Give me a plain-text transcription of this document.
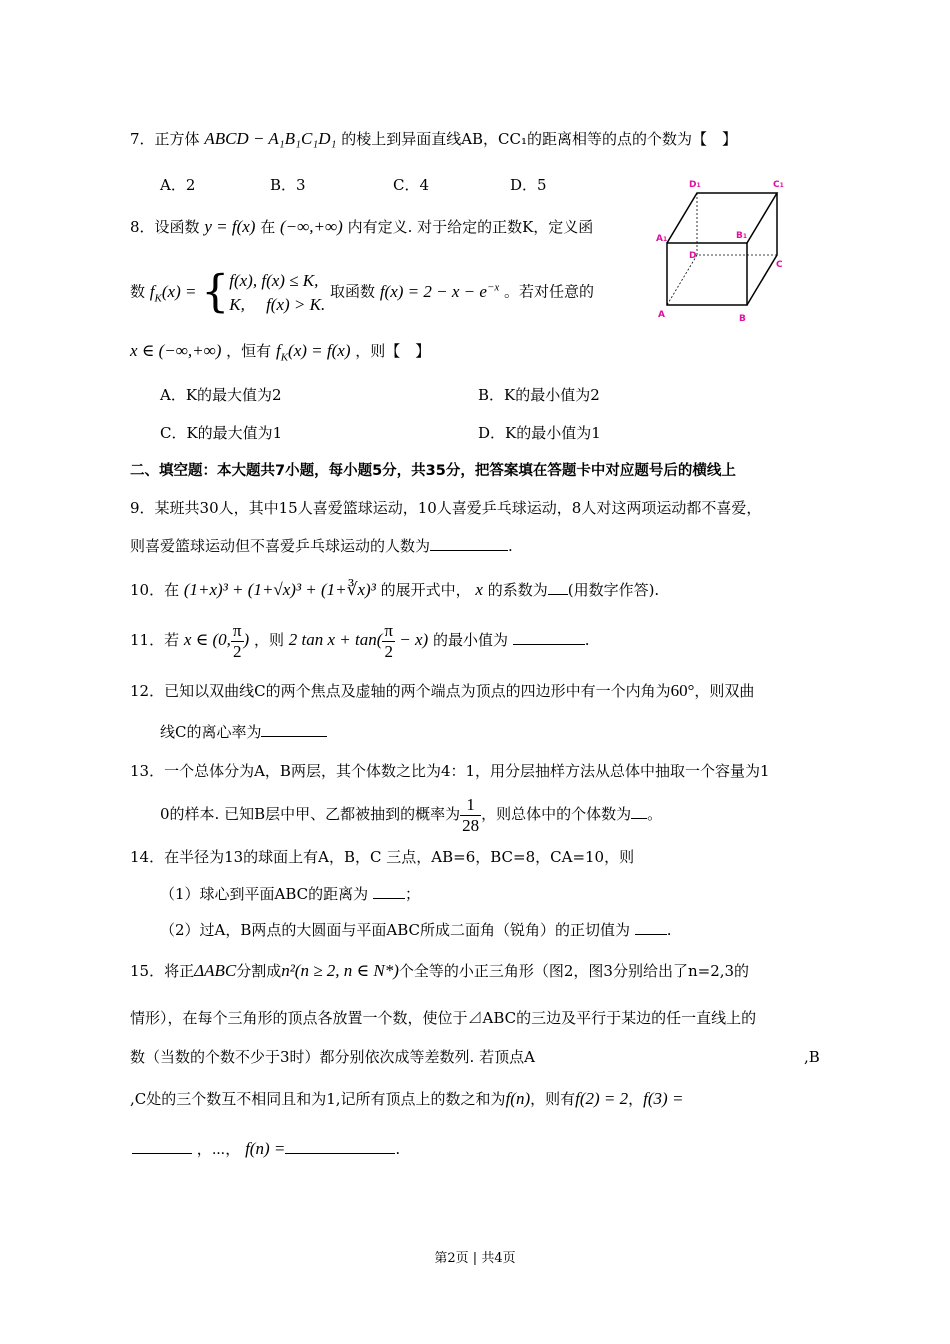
7．正方体 ABCD − A₁B₁C₁D₁ 的棱上到异面直线AB，CC₁的距离相等的点的个数为【　】
A．2	B．3	C．4	D．5	D1	C1
A1	B1
D
C
A	B
8．设函数 y = f(x) 在 (−∞,+∞) 内有定义. 对于给定的正数K，定义函
数 $f_K(x)$ = { f(x), f(x) ≤ K,
K,　 f(x) > K.
取函数 $f(x) = 2 - x - e^{-x}$ 。若对任意的
x ∈ (−∞,+∞) ，恒有 $f_K(x) = f(x)$ ，则【　】
A．K的最大值为2	B．K的最小值为2
C．K的最大值为1	D．K的最小值为1
二、填空题：本大题共7小题，每小题5分，共35分，把答案填在答题卡中对应题号后的横线上
9．某班共30人，其中15人喜爱篮球运动，10人喜爱乒乓球运动，8人对这两项运动都不喜爱，
则喜爱篮球运动但不喜爱乒乓球运动的人数为	.
10．在 (1+x)³ + (1+√x)³ + (1+∛x)³ 的展开式中， x 的系数为 (用数字作答).
11．若 x ∈ (0, $\frac{\pi}{2}$ ) ，则 2 $\tan x + \tan( \frac{\pi}{2} - x)$ 的最小值为	.
12．已知以双曲线C的两个焦点及虚轴的两个端点为顶点的四边形中有一个内角为60°，则双曲
线C的离心率为
13．一个总体分为A，B两层，其个体数之比为4：1，用分层抽样方法从总体中抽取一个容量为1
0的样本. 已知B层中甲、乙都被抽到的概率为 $\frac{1}{28}$ ，则总体中的个体数为 。
14．在半径为13的球面上有A，B，C 三点，AB=6，BC=8，CA=10，则
（1）球心到平面ABC的距离为 ；
（2）过A，B两点的大圆面与平面ABC所成二面角（锐角）的正切值为 .
15．将正ΔABC分割成n²(n ≥ 2, n ∈ N*)个全等的小正三角形（图2，图3分别给出了n=2,3的
情形），在每个三角形的顶点各放置一个数，使位于⊿ABC的三边及平行于某边的任一直线上的
数（当数的个数不少于3时）都分别依次成等差数列. 若顶点A	,B
,C处的三个数互不相同且和为1,记所有顶点上的数之和为f(n)，则有f(2) = 2，f(3) =
，⋯， f(n) =	.
第2页 | 共4页
